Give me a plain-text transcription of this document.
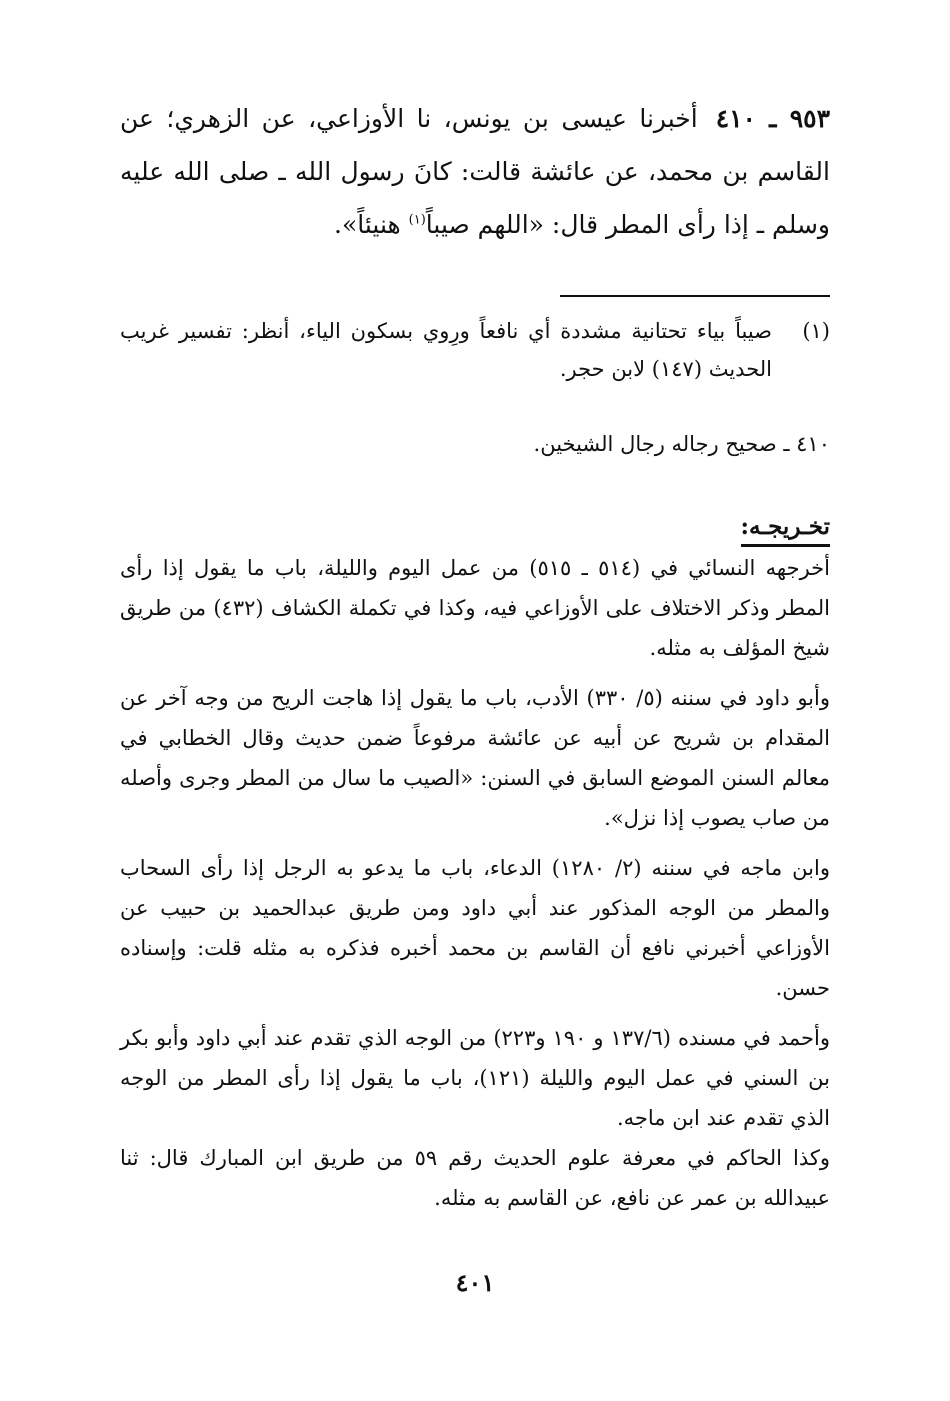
٩٥٣ ـ ٤١٠أخبرنا عيسى بن يونس، نا الأوزاعي، عن الزهري؛ عن القاسم بن محمد، عن عائشة قالت: كانَ رسول الله ـ صلى الله عليه وسلم ـ إذا رأى المطر قال: «اللهم صيباً$^{(١)}$ هنيئاً».
(١)
صيباً بياء تحتانية مشددة أي نافعاً ورِوي بسكون الياء، أنظر: تفسير غريب الحديث (١٤٧) لابن حجر.
٤١٠ ـ صحيح رجاله رجال الشيخين.
تخـريجـه:

أخرجهه النسائي في (٥١٤ ـ ٥١٥) من عمل اليوم والليلة، باب ما يقول إذا رأى المطر وذكر الاختلاف على الأوزاعي فيه، وكذا في تكملة الكشاف (٤٣٢) من طريق شيخ المؤلف به مثله.

وأبو داود في سننه (٥/ ٣٣٠) الأدب، باب ما يقول إذا هاجت الريح من وجه آخر عن المقدام بن شريح عن أبيه عن عائشة مرفوعاً ضمن حديث وقال الخطابي في معالم السنن الموضع السابق في السنن: «الصيب ما سال من المطر وجرى وأصله من صاب يصوب إذا نزل».

وابن ماجه في سننه (٢/ ١٢٨٠) الدعاء، باب ما يدعو به الرجل إذا رأى السحاب والمطر من الوجه المذكور عند أبي داود ومن طريق عبدالحميد بن حبيب عن الأوزاعي أخبرني نافع أن القاسم بن محمد أخبره فذكره به مثله قلت: وإسناده حسن.

وأحمد في مسنده (١٣٧/٦ و ١٩٠ و٢٢٣) من الوجه الذي تقدم عند أبي داود وأبو بكر بن السني في عمل اليوم والليلة (١٢١)، باب ما يقول إذا رأى المطر من الوجه الذي تقدم عند ابن ماجه.

وكذا الحاكم في معرفة علوم الحديث رقم ٥٩ من طريق ابن المبارك قال: ثنا عبيدالله بن عمر عن نافع، عن القاسم به مثله.

٤٠١
